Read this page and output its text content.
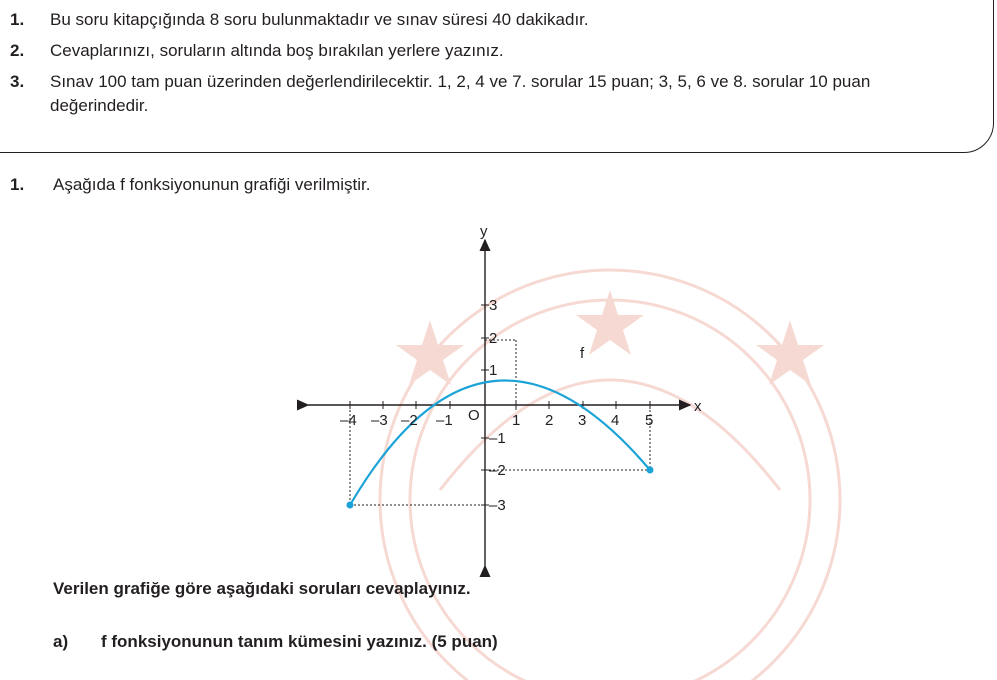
1. Bu soru kitapçığında 8 soru bulunmaktadır ve sınav süresi 40 dakikadır.
2. Cevaplarınızı, soruların altında boş bırakılan yerlere yazınız.
3. Sınav 100 tam puan üzerinden değerlendirilecektir. 1, 2, 4 ve 7. sorular 15 puan; 3, 5, 6 ve 8. sorular 10 puan değerindedir.
1. Aşağıda f fonksiyonunun grafiği verilmiştir.
y
x
O
f
–4 –3 –2 –1	1 2 3 4 5
3
2
1
–1
–2
–3
Verilen grafiğe göre aşağıdaki soruları cevaplayınız.
a) f fonksiyonunun tanım kümesini yazınız. (5 puan)
